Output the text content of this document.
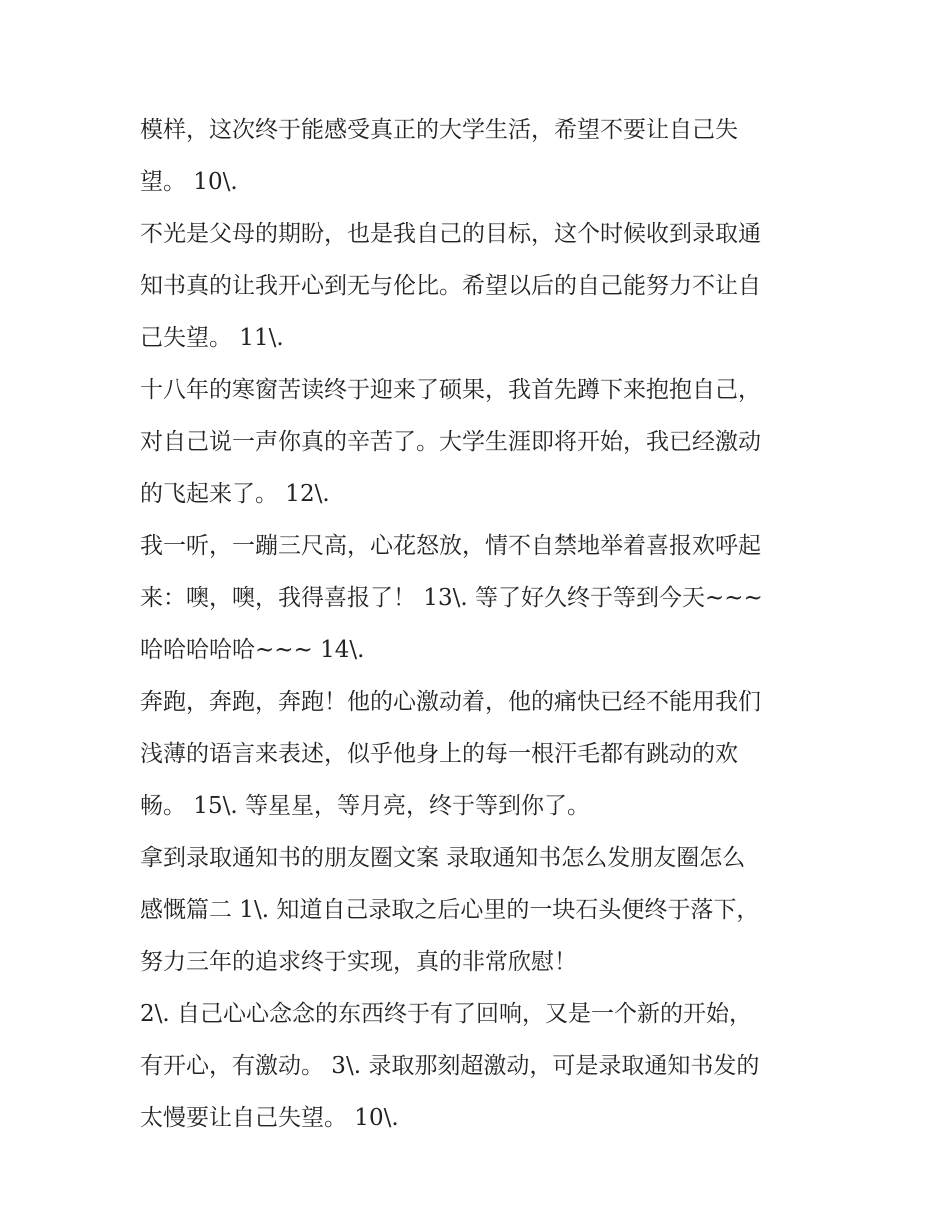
模样，这次终于能感受真正的大学生活，希望不要让自己失
望。 10\.
不光是父母的期盼，也是我自己的目标，这个时候收到录取通
知书真的让我开心到无与伦比。希望以后的自己能努力不让自
己失望。 11\.
十八年的寒窗苦读终于迎来了硕果，我首先蹲下来抱抱自己，
对自己说一声你真的辛苦了。大学生涯即将开始，我已经激动
的飞起来了。 12\.
我一听，一蹦三尺高，心花怒放，情不自禁地举着喜报欢呼起
来：噢，噢，我得喜报了！ 13\. 等了好久终于等到今天~~~
哈哈哈哈哈~~~ 14\.
奔跑，奔跑，奔跑！他的心激动着，他的痛快已经不能用我们
浅薄的语言来表述，似乎他身上的每一根汗毛都有跳动的欢
畅。 15\. 等星星，等月亮，终于等到你了。
拿到录取通知书的朋友圈文案 录取通知书怎么发朋友圈怎么
感慨篇二 1\. 知道自己录取之后心里的一块石头便终于落下，
努力三年的追求终于实现，真的非常欣慰！
2\. 自己心心念念的东西终于有了回响，又是一个新的开始，
有开心，有激动。 3\. 录取那刻超激动，可是录取通知书发的
太慢要让自己失望。 10\.
